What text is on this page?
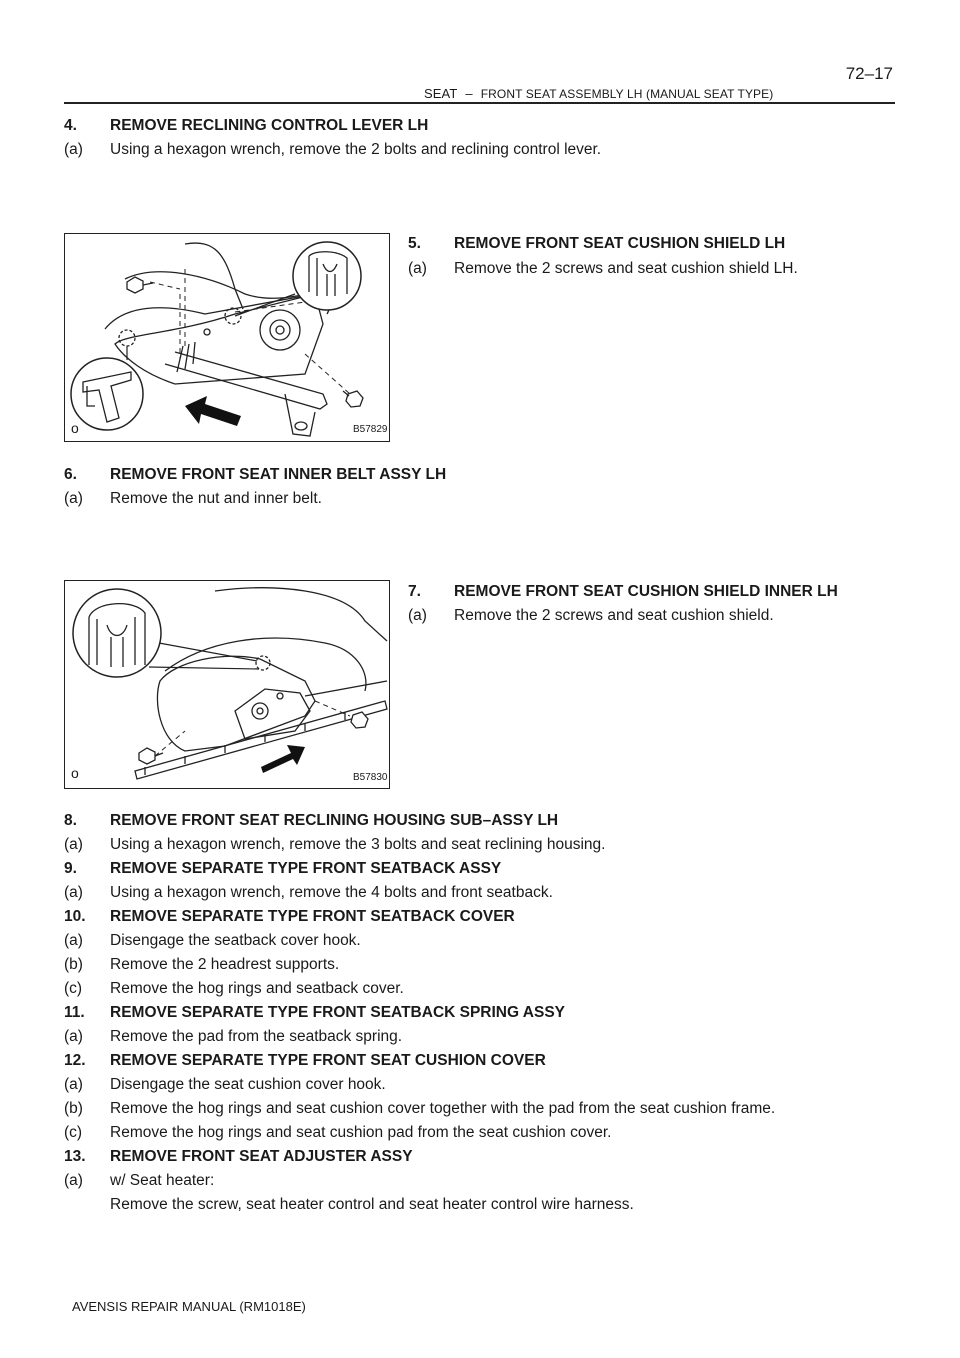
SEAT – FRONT SEAT ASSEMBLY LH (MANUAL SEAT TYPE)
72–17
4. REMOVE RECLINING CONTROL LEVER LH
(a) Using a hexagon wrench, remove the 2 bolts and reclining control lever.
5. REMOVE FRONT SEAT CUSHION SHIELD LH
(a) Remove the 2 screws and seat cushion shield LH.
B57829
o
6. REMOVE FRONT SEAT INNER BELT ASSY LH
(a) Remove the nut and inner belt.
7. REMOVE FRONT SEAT CUSHION SHIELD INNER LH
(a) Remove the 2 screws and seat cushion shield.
B57830
o
8. REMOVE FRONT SEAT RECLINING HOUSING SUB–ASSY LH
(a) Using a hexagon wrench, remove the 3 bolts and seat reclining housing.
9. REMOVE SEPARATE TYPE FRONT SEATBACK ASSY
(a) Using a hexagon wrench, remove the 4 bolts and front seatback.
10. REMOVE SEPARATE TYPE FRONT SEATBACK COVER
(a) Disengage the seatback cover hook.
(b) Remove the 2 headrest supports.
(c) Remove the hog rings and seatback cover.
11. REMOVE SEPARATE TYPE FRONT SEATBACK SPRING ASSY
(a) Remove the pad from the seatback spring.
12. REMOVE SEPARATE TYPE FRONT SEAT CUSHION COVER
(a) Disengage the seat cushion cover hook.
(b) Remove the hog rings and seat cushion cover together with the pad from the seat cushion frame.
(c) Remove the hog rings and seat cushion pad from the seat cushion cover.
13. REMOVE FRONT SEAT ADJUSTER ASSY
(a) w/ Seat heater:
Remove the screw, seat heater control and seat heater control wire harness.
AVENSIS REPAIR MANUAL (RM1018E)
